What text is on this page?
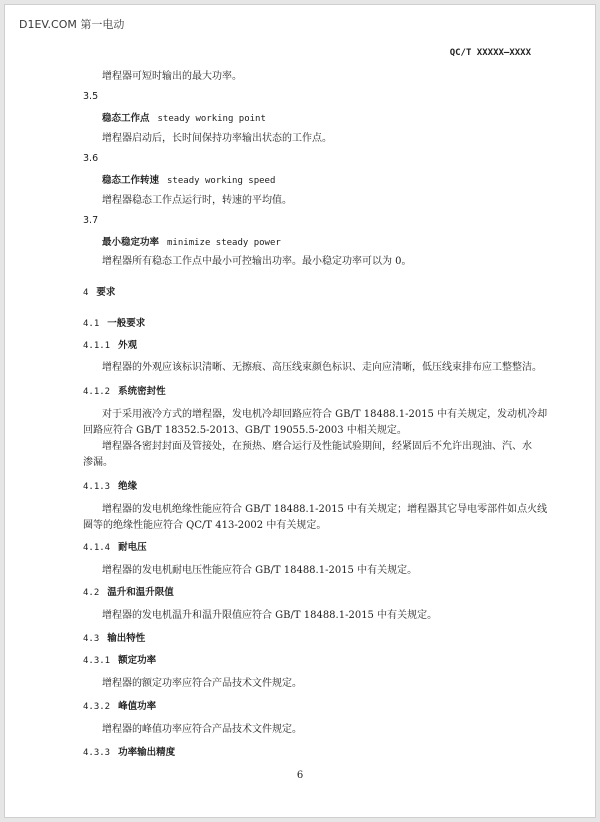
D1EV.COM 第一电动
QC/T XXXXX—XXXX
增程器可短时输出的最大功率。
3.5
稳态工作点 steady working point
增程器启动后，长时间保持功率输出状态的工作点。
3.6
稳态工作转速 steady working speed
增程器稳态工作点运行时，转速的平均值。
3.7
最小稳定功率 minimize steady power
增程器所有稳态工作点中最小可控输出功率。最小稳定功率可以为 0。
4 要求
4.1 一般要求
4.1.1 外观
增程器的外观应该标识清晰、无擦痕、高压线束颜色标识、走向应清晰，低压线束排布应工整整洁。
4.1.2 系统密封性
对于采用液冷方式的增程器，发电机冷却回路应符合 GB/T 18488.1-2015 中有关规定，发动机冷却
回路应符合 GB/T 18352.5-2013、GB/T 19055.5-2003 中相关规定。
增程器各密封封面及管接处，在预热、磨合运行及性能试验期间，经紧固后不允许出现油、汽、水
渗漏。
4.1.3 绝缘
增程器的发电机绝缘性能应符合 GB/T 18488.1-2015 中有关规定；增程器其它导电零部件如点火线
圈等的绝缘性能应符合 QC/T 413-2002 中有关规定。
4.1.4 耐电压
增程器的发电机耐电压性能应符合 GB/T 18488.1-2015 中有关规定。
4.2 温升和温升限值
增程器的发电机温升和温升限值应符合 GB/T 18488.1-2015 中有关规定。
4.3 输出特性
4.3.1 额定功率
增程器的额定功率应符合产品技术文件规定。
4.3.2 峰值功率
增程器的峰值功率应符合产品技术文件规定。
4.3.3 功率输出精度
6
